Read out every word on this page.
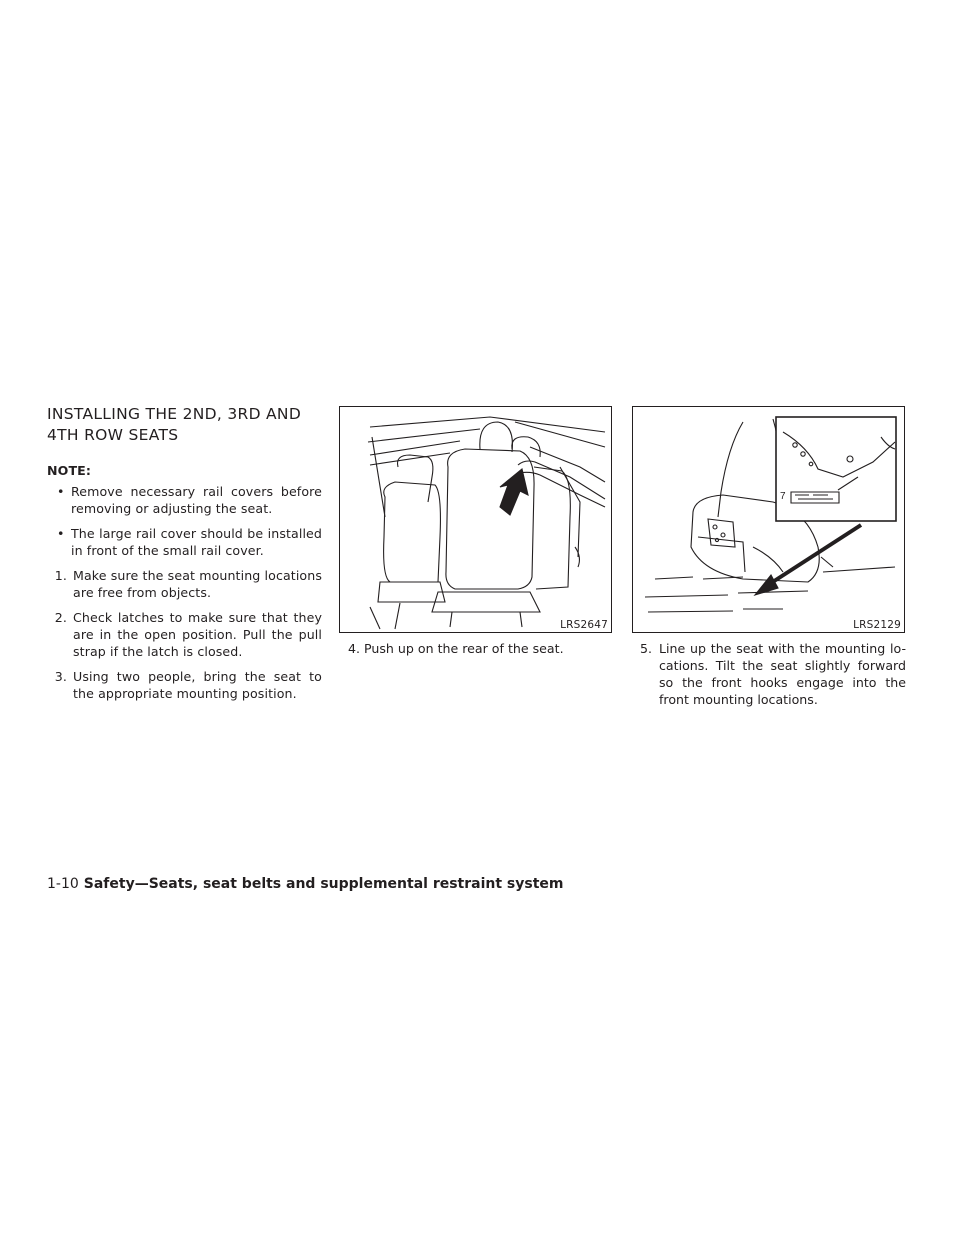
INSTALLING THE 2ND, 3RD AND
4TH ROW SEATS
NOTE:
• Remove necessary rail covers before removing or adjusting the seat.
• The large rail cover should be installed in front of the small rail cover.
1. Make sure the seat mounting locations are free from objects.
2. Check latches to make sure that they are in the open position. Pull the pull strap if the latch is closed.
3. Using two people, bring the seat to the appropriate mounting position.
LRS2647
7
LRS2129
4. Push up on the rear of the seat.	5. Line up the seat with the mounting lo- cations. Tilt the seat slightly forward so the front hooks engage into the front mounting locations.
1-10 Safety—Seats, seat belts and supplemental restraint system
